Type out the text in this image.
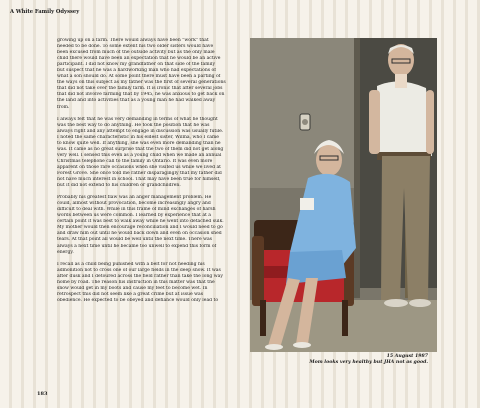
A White Family Odyssey

growing up on a farm. There would always have been "work" that
needed to be done. To some extent his two older sisters would have
been excused from much of the outside activity but as the only male
child there would have been an expectation that he would be an active
participant. I did not know my grandfather on that side of the family
but suspect that he was a hardworking man who had expectations of
what a son should do. At some point there must have been a parting of
the ways on this subject as my father was the first of several generations
that did not take over the family farm. It is ironic that after several jobs
that did not involve farming that by 1945, he was anxious to get back on
the land and into activities that as a young man he had walked away
from.

I always felt that he was very demanding in terms of what he thought
was the best way to do anything. He took the position that he was
always right and any attempt to engage in discussion was usually futile.
I noted the same characteristic in his eldest sister, Wilma, who I came
to know quite well. If anything, she was even more demanding than he
was. It came as no great surprise that the two of them did not get along
very well. I sensed this even as a young child when we made an annual
Christmas telephone call to the family in Ontario. It was even more
apparent on those rare occasions when she visited us while we lived at
Forest Grove. She once told me rather disparagingly that my father did
not have much interest in school. That may have been true for himself,
but it did not extend to his children or grandchildren.

Probably his greatest flaw was an anger management problem. He
could, almost without provocation, become increasingly angry and
difficult to deal with. While in this frame of mind exchanges of harsh
words between us were common. I learned by experience that at a
certain point it was best to walk away while he went into detached sulk.
My mother would then encourage reconciliation and I would need to go
and draw him out until he would back down and even on occasion shed
tears. At that point all would be well until the next time. There was
always a next time until he became too unwell to expend this form of
energy.

I recall as a child being punished with a belt for not heeding his
admonition not to cross one of our large fields in the deep snow. It was
after dusk and I detoured across the field rather than take the long way
home by road. The reason his instruction in this matter was that the
snow would get in my boots and cause my feet to become wet. In
retrospect this did not seem like a great crime but at issue was
obedience. He expected to be obeyed and defiance would only lead to

15 August 1987
Mom looks very healthy but JHA not as good.
183
